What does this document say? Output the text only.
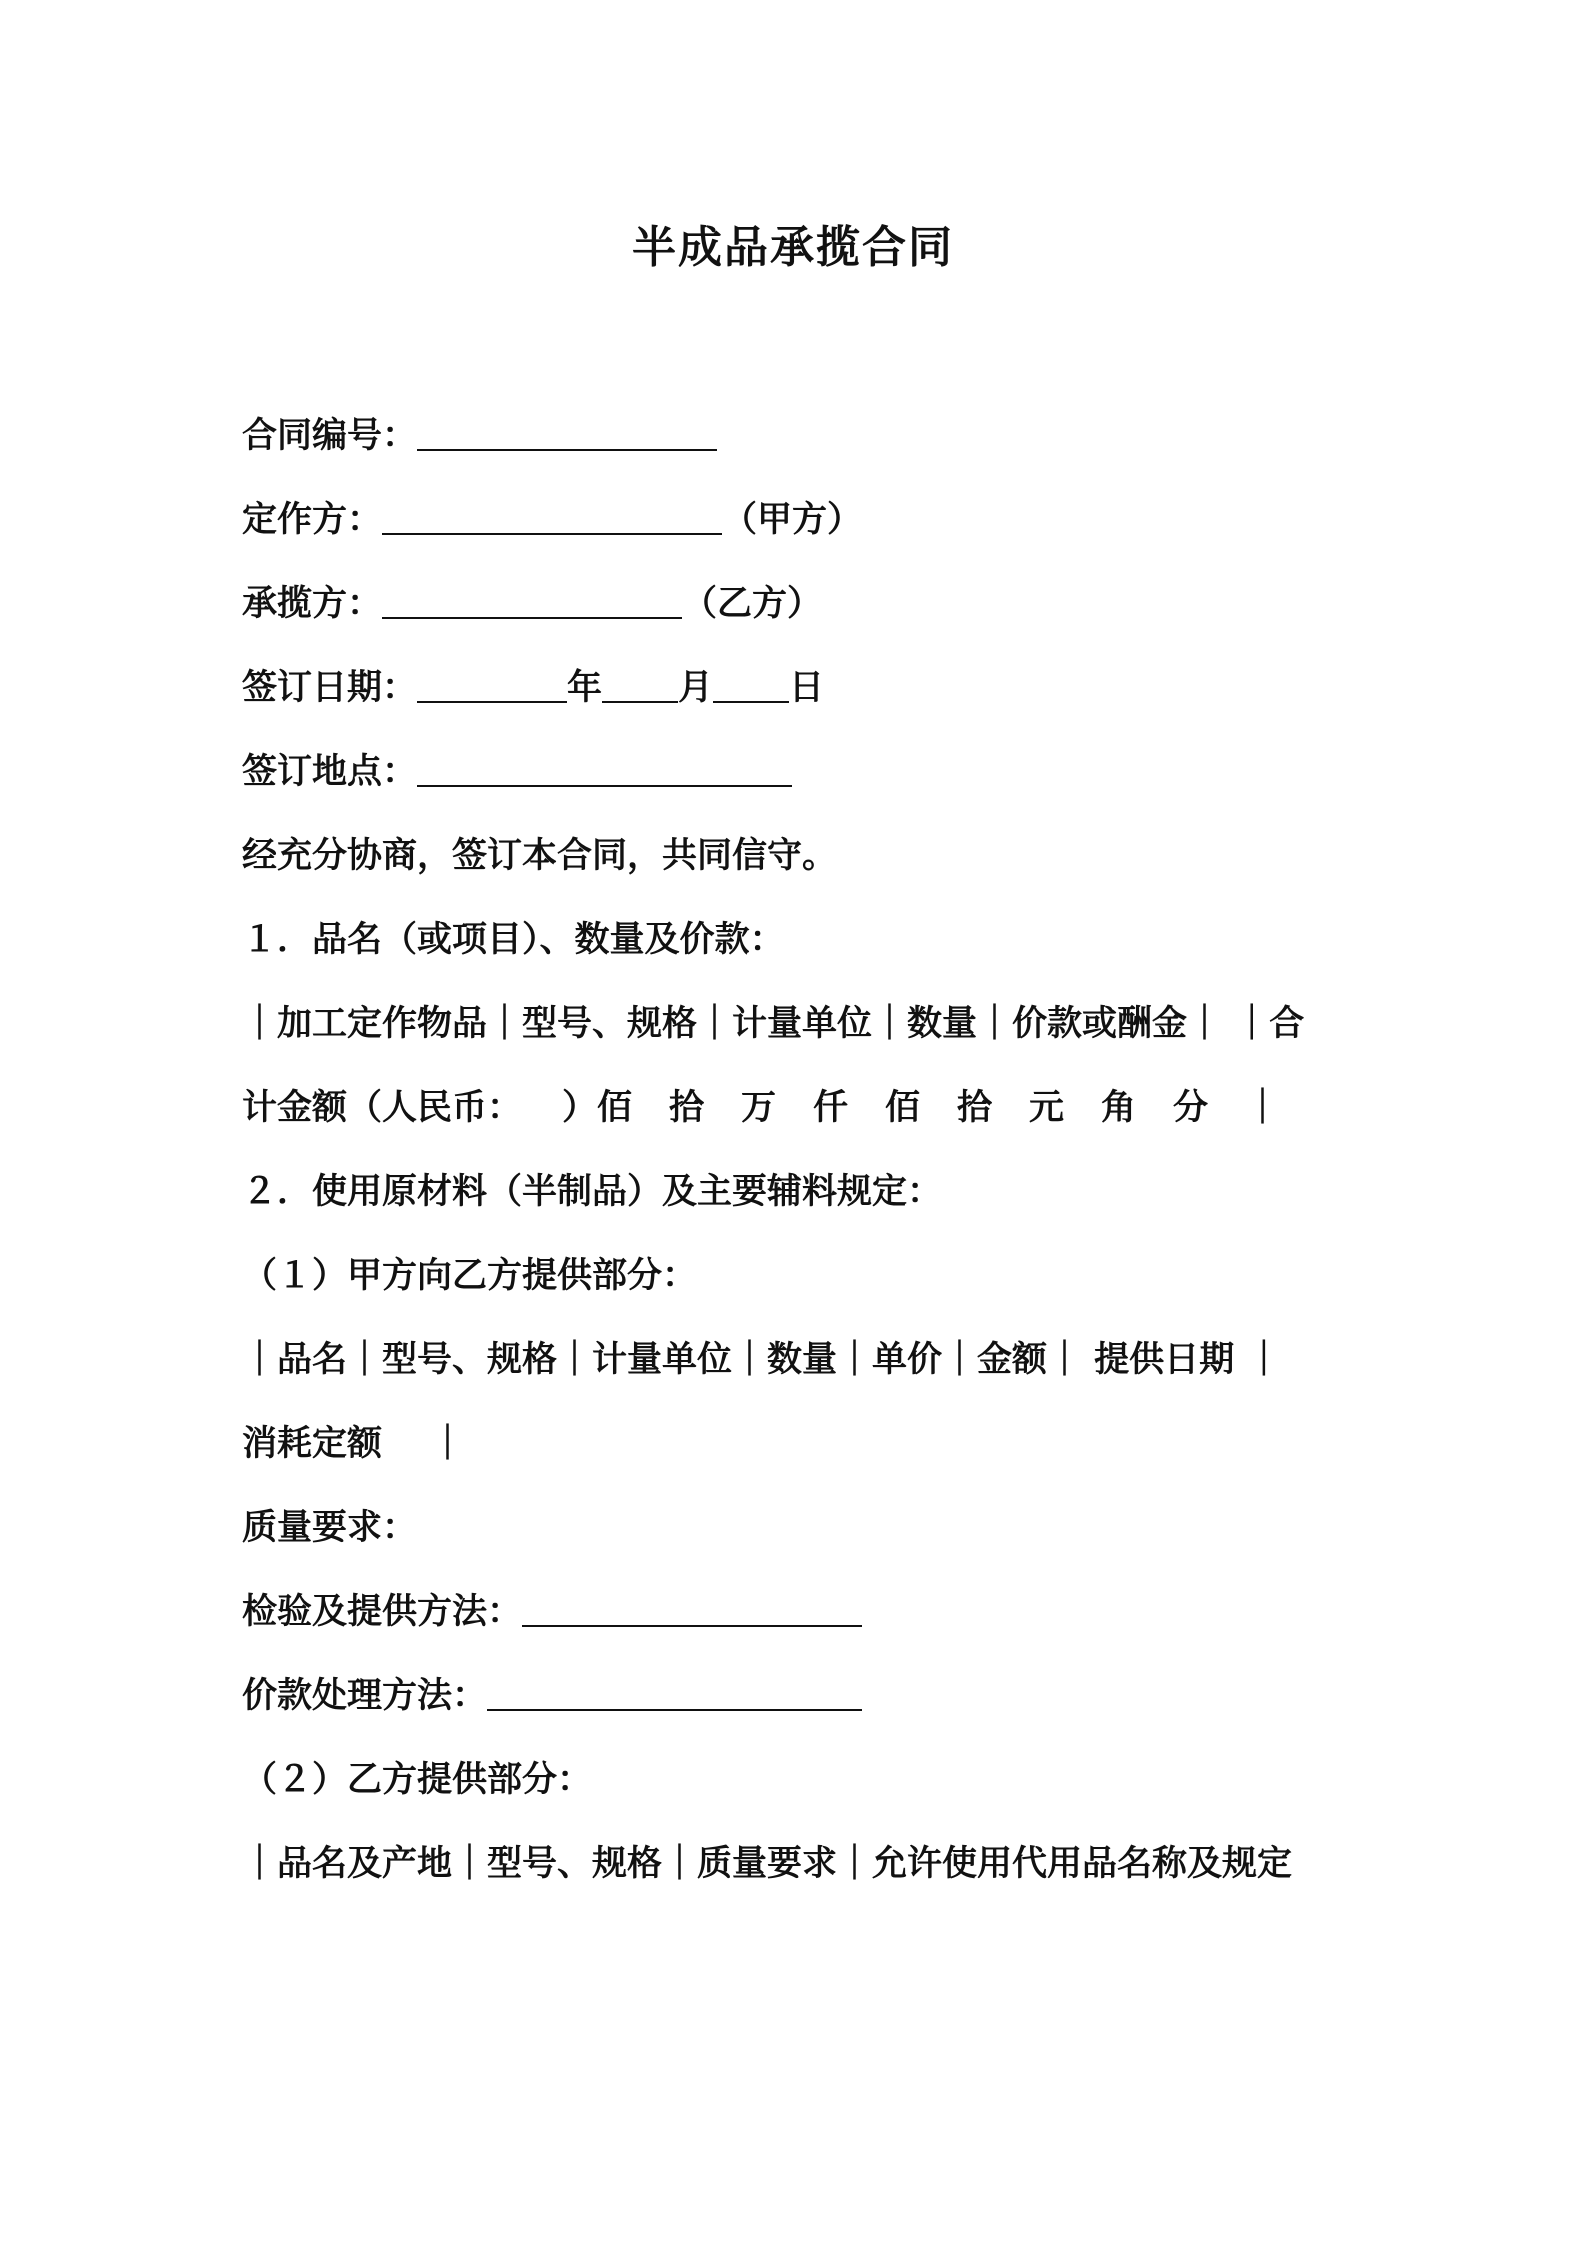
半成品承揽合同
合同编号：
定作方：	（甲方）
承揽方：	（乙方）
签订日期：	年 月 日
签订地点：
经充分协商，签订本合同，共同信守。
１．品名（或项目）、数量及价款：
｜加工定作物品｜型号、规格｜计量单位｜数量｜价款或酬金｜ ｜合
计金额（人民币： ）佰拾万仟佰拾元角分｜
２．使用原材料（半制品）及主要辅料规定：
（１）甲方向乙方提供部分：
｜品名｜型号、规格｜计量单位｜数量｜单价｜金额｜ 提供日期 ｜
消耗定额 ｜
质量要求：
检验及提供方法：
价款处理方法：
（２）乙方提供部分：
｜品名及产地｜型号、规格｜质量要求｜允许使用代用品名称及规定
